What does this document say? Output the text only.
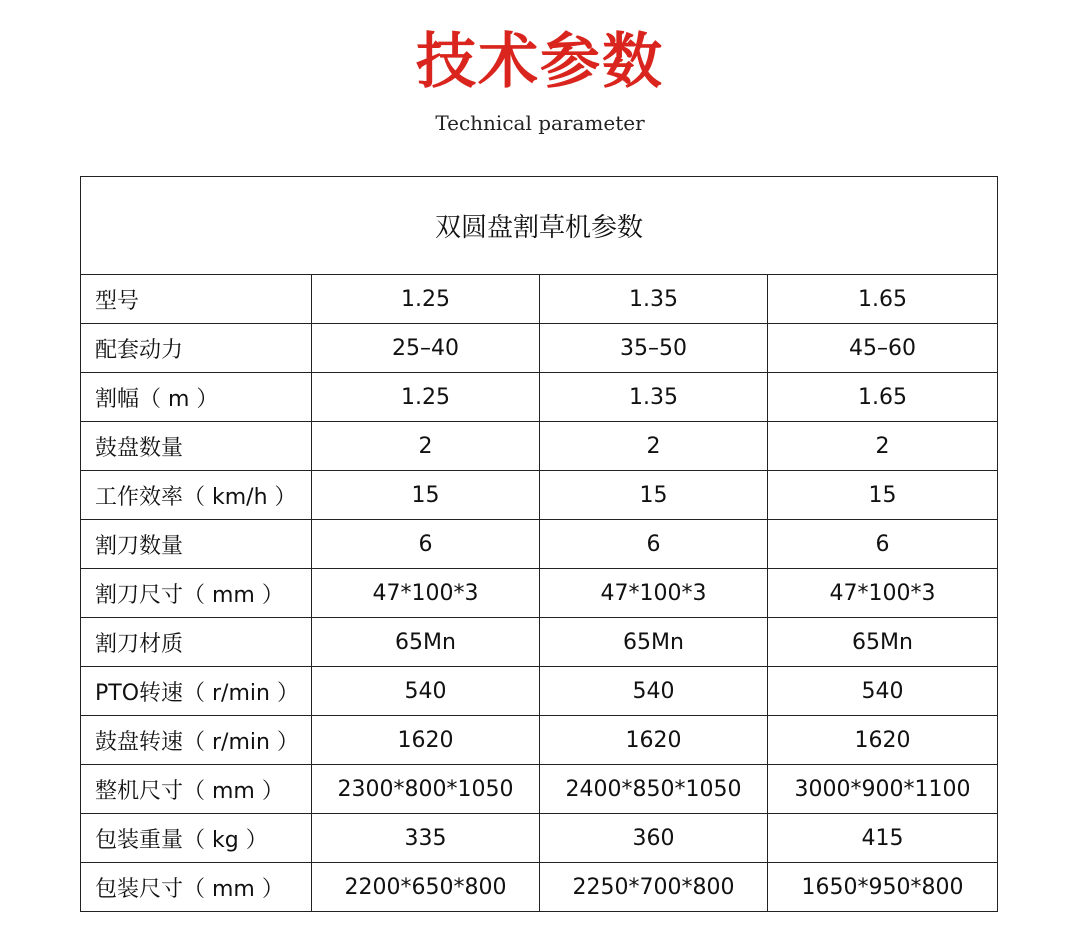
技术参数
Technical parameter
双圆盘割草机参数			
型号	1.25	1.35	1.65
配套动力	25–40	35–50	45–60
割幅（ m ）	1.25	1.35	1.65
鼓盘数量	2	2	2
工作效率（ km/h ）	15	15	15
割刀数量	6	6	6
割刀尺寸（ mm ）	47*100*3	47*100*3	47*100*3
割刀材质	65Mn	65Mn	65Mn
PTO转速（ r/min ）	540	540	540
鼓盘转速（ r/min ）	1620	1620	1620
整机尺寸（ mm ）	2300*800*1050	2400*850*1050	3000*900*1100
包装重量（ kg ）	335	360	415
包装尺寸（ mm ）	2200*650*800	2250*700*800	1650*950*800
